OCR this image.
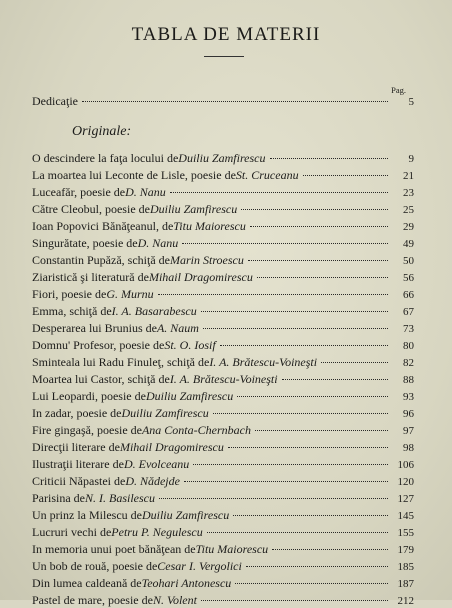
TABLA DE MATERII
Pag.
Dedicaţie	5
Originale:
O descindere la faţa locului de Duiliu Zamfirescu	9
La moartea lui Leconte de Lisle, poesie de St. Cruceanu	21
Luceafăr, poesie de D. Nanu	23
Către Cleobul, poesie de Duiliu Zamfirescu	25
Ioan Popovici Bănăţeanul, de Titu Maiorescu	29
Singurătate, poesie de D. Nanu	49
Constantin Pupăză, schiţă de Marin Stroescu	50
Ziaristică şi literatură de Mihail Dragomirescu	56
Fiori, poesie de G. Murnu	66
Emma, schiţă de I. A. Basarabescu	67
Desperarea lui Brunius de A. Naum	73
Domnu' Profesor, poesie de St. O. Iosif	80
Sminteala lui Radu Finuleţ, schiţă de I. A. Brătescu-Voineşti	82
Moartea lui Castor, schiţă de I. A. Brătescu-Voineşti	88
Lui Leopardi, poesie de Duiliu Zamfirescu	93
In zadar, poesie de Duiliu Zamfirescu	96
Fire gingaşă, poesie de Ana Conta-Chernbach	97
Direcţii literare de Mihail Dragomirescu	98
Ilustraţii literare de D. Evolceanu	106
Criticii Năpastei de D. Nădejde	120
Parisina de N. I. Basilescu	127
Un prinz la Milescu de Duiliu Zamfirescu	145
Lucruri vechi de Petru P. Negulescu	155
In memoria unui poet bănăţean de Titu Maiorescu	179
Un bob de rouă, poesie de Cesar I. Vergolici	185
Din lumea caldeană de Teohari Antonescu	187
Pastel de mare, poesie de N. Volent	212
